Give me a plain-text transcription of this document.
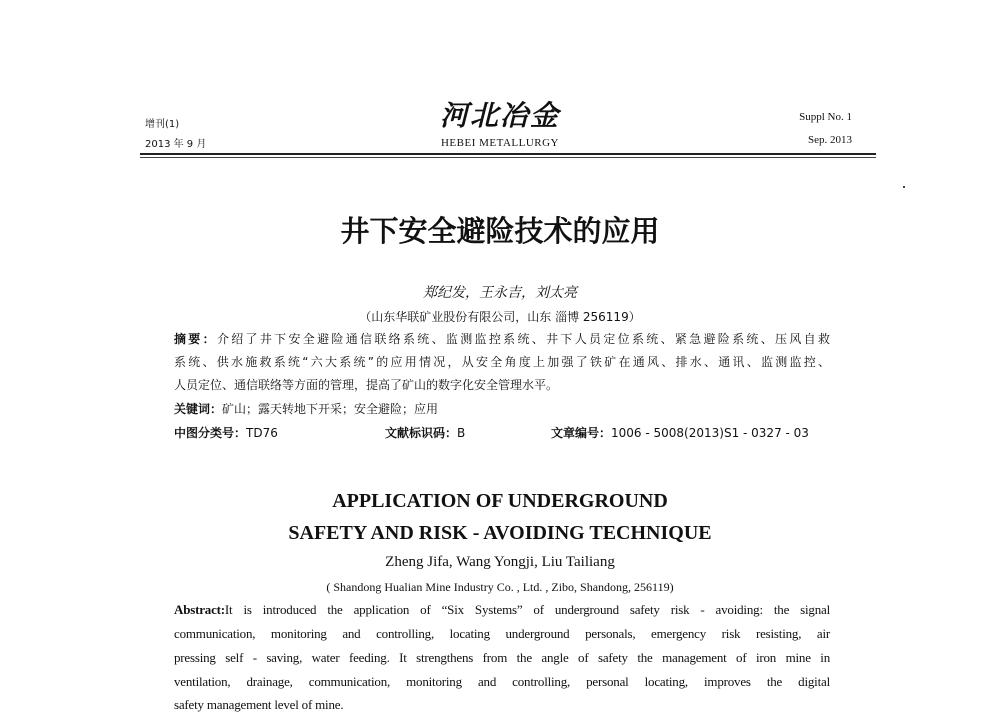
增刊(1)
2013 年 9 月
河北冶金
HEBEI METALLURGY
Suppl No. 1
Sep. 2013
井下安全避险技术的应用
郑纪发，王永吉，刘太亮
（山东华联矿业股份有限公司，山东 淄博 256119）
摘要：介绍了井下安全避险通信联络系统、监测监控系统、井下人员定位系统、紧急避险系统、压风自救
系统、供水施救系统“六大系统”的应用情况，从安全角度上加强了铁矿在通风、排水、通讯、监测监控、
人员定位、通信联络等方面的管理，提高了矿山的数字化安全管理水平。
关键词：矿山；露天转地下开采；安全避险；应用
中图分类号：TD76	文献标识码：B	文章编号：1006 - 5008(2013)S1 - 0327 - 03
APPLICATION OF UNDERGROUND
SAFETY AND RISK - AVOIDING TECHNIQUE
Zheng Jifa, Wang Yongji, Liu Tailiang
( Shandong Hualian Mine Industry Co. , Ltd. , Zibo, Shandong, 256119)
Abstract:It is introduced the application of “Six Systems” of underground safety risk - avoiding: the signal
communication, monitoring and controlling, locating underground personals, emergency risk resisting, air
pressing self - saving, water feeding. It strengthens from the angle of safety the management of iron mine in
ventilation, drainage, communication, monitoring and controlling, personal locating, improves the digital
safety management level of mine.
